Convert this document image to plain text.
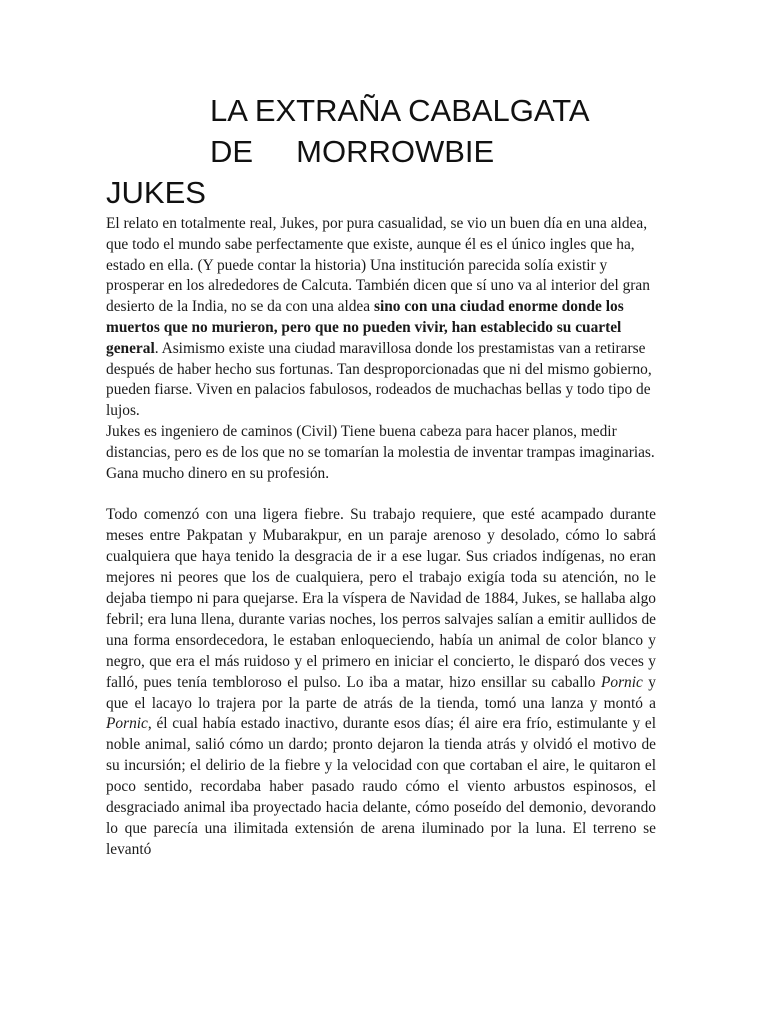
LA EXTRAÑA CABALGATA
DE     MORROWBIE
JUKES

El relato en totalmente real, Jukes, por pura casualidad, se vio un buen día en una aldea, que todo el mundo sabe perfectamente que existe, aunque él es el único ingles que ha, estado en ella. (Y puede contar la historia) Una institución parecida solía existir y prosperar en los alrededores de Calcuta. También dicen que sí uno va al interior del gran desierto de la India, no se da con una aldea sino con una ciudad enorme donde los muertos que no murieron, pero que no pueden vivir, han establecido su cuartel general. Asimismo existe una ciudad maravillosa donde los prestamistas van a retirarse después de haber hecho sus fortunas. Tan desproporcionadas que ni del mismo gobierno, pueden fiarse. Viven en palacios fabulosos, rodeados de muchachas bellas y todo tipo de lujos.

Jukes es ingeniero de caminos (Civil) Tiene buena cabeza para hacer planos, medir distancias, pero es de los que no se tomarían la molestia de inventar trampas imaginarias. Gana mucho dinero en su profesión.

Todo comenzó con una ligera fiebre. Su trabajo requiere, que esté acampado durante meses entre Pakpatan y Mubarakpur, en un paraje arenoso y desolado, cómo lo sabrá cualquiera que haya tenido la desgracia de ir a ese lugar. Sus criados indígenas, no eran mejores ni peores que los de cualquiera, pero el trabajo exigía toda su atención, no le dejaba tiempo ni para quejarse. Era la víspera de Navidad de 1884, Jukes, se hallaba algo febril; era luna llena, durante varias noches, los perros salvajes salían a emitir aullidos de una forma ensordecedora, le estaban enloqueciendo, había un animal de color blanco y negro, que era el más ruidoso y el primero en iniciar el concierto, le disparó dos veces y falló, pues tenía tembloroso el pulso. Lo iba a matar, hizo ensillar su caballo Pornic y que el lacayo lo trajera por la parte de atrás de la tienda, tomó una lanza y montó a Pornic, él cual había estado inactivo, durante esos días; él aire era frío, estimulante y el noble animal, salió cómo un dardo; pronto dejaron la tienda atrás y olvidó el motivo de su incursión; el delirio de la fiebre y la velocidad con que cortaban el aire, le quitaron el poco sentido, recordaba haber pasado raudo cómo el viento arbustos espinosos, el desgraciado animal iba proyectado hacia delante, cómo poseído del demonio, devorando lo que parecía una ilimitada extensión de arena iluminado por la luna. El terreno se levantó
